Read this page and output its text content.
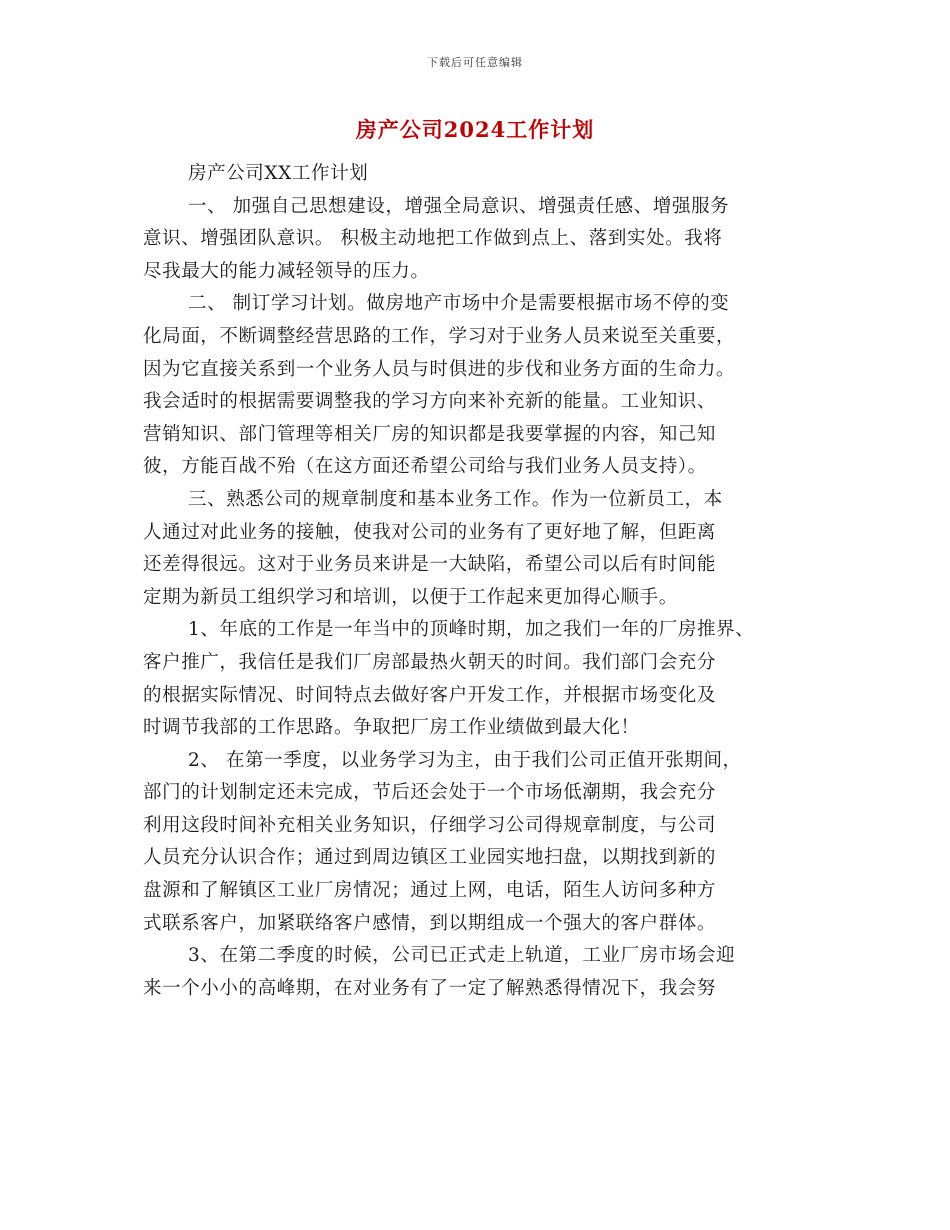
下载后可任意编辑
房产公司2024工作计划

房产公司XX工作计划

一、 加强自己思想建设，增强全局意识、增强责任感、增强服务
意识、增强团队意识。 积极主动地把工作做到点上、落到实处。我将
尽我最大的能力减轻领导的压力。

二、 制订学习计划。做房地产市场中介是需要根据市场不停的变
化局面，不断调整经营思路的工作，学习对于业务人员来说至关重要，
因为它直接关系到一个业务人员与时俱进的步伐和业务方面的生命力。
我会适时的根据需要调整我的学习方向来补充新的能量。工业知识、
营销知识、部门管理等相关厂房的知识都是我要掌握的内容，知己知
彼，方能百战不殆（在这方面还希望公司给与我们业务人员支持）。

三、熟悉公司的规章制度和基本业务工作。作为一位新员工，本
人通过对此业务的接触，使我对公司的业务有了更好地了解，但距离
还差得很远。这对于业务员来讲是一大缺陷，希望公司以后有时间能
定期为新员工组织学习和培训，以便于工作起来更加得心顺手。

1、年底的工作是一年当中的顶峰时期，加之我们一年的厂房推界、
客户推广，我信任是我们厂房部最热火朝天的时间。我们部门会充分
的根据实际情况、时间特点去做好客户开发工作，并根据市场变化及
时调节我部的工作思路。争取把厂房工作业绩做到最大化！

2、 在第一季度，以业务学习为主，由于我们公司正值开张期间，
部门的计划制定还未完成，节后还会处于一个市场低潮期，我会充分
利用这段时间补充相关业务知识，仔细学习公司得规章制度，与公司
人员充分认识合作；通过到周边镇区工业园实地扫盘，以期找到新的
盘源和了解镇区工业厂房情况；通过上网，电话，陌生人访问多种方
式联系客户，加紧联络客户感情，到以期组成一个强大的客户群体。

3、在第二季度的时候，公司已正式走上轨道，工业厂房市场会迎
来一个小小的高峰期，在对业务有了一定了解熟悉得情况下，我会努
